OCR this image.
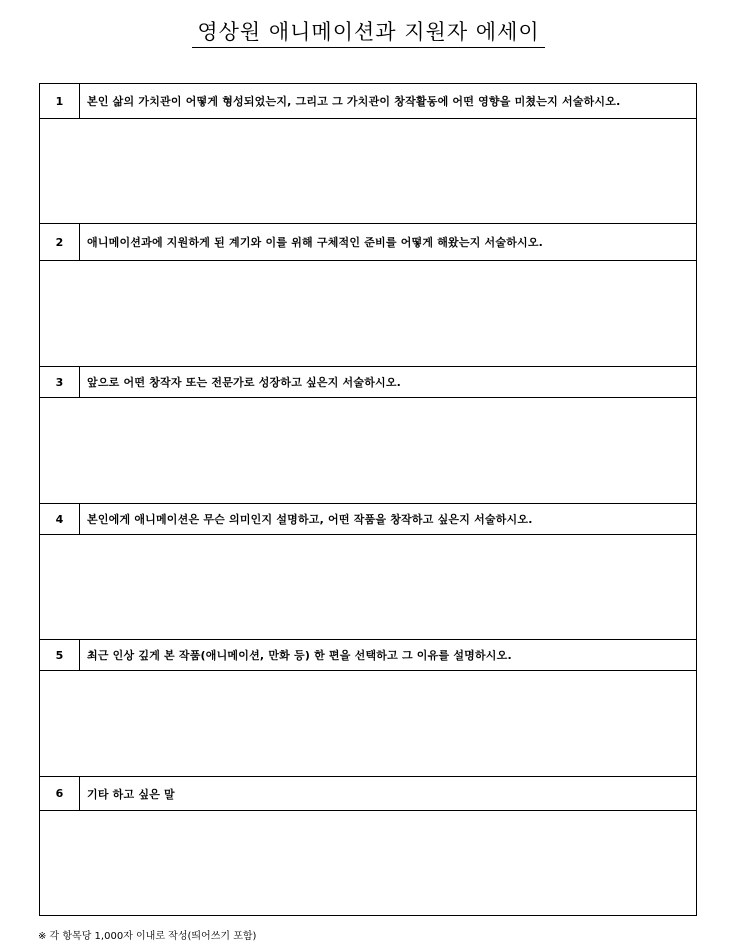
영상원 애니메이션과 지원자 에세이
1	본인 삶의 가치관이 어떻게 형성되었는지, 그리고 그 가치관이 창작활동에 어떤 영향을 미쳤는지 서술하시오.
2	애니메이션과에 지원하게 된 계기와 이를 위해 구체적인 준비를 어떻게 해왔는지 서술하시오.
3	앞으로 어떤 창작자 또는 전문가로 성장하고 싶은지 서술하시오.
4	본인에게 애니메이션은 무슨 의미인지 설명하고, 어떤 작품을 창작하고 싶은지 서술하시오.
5	최근 인상 깊게 본 작품(애니메이션, 만화 등) 한 편을 선택하고 그 이유를 설명하시오.
6	기타 하고 싶은 말
※ 각 항목당 1,000자 이내로 작성(띄어쓰기 포함)
